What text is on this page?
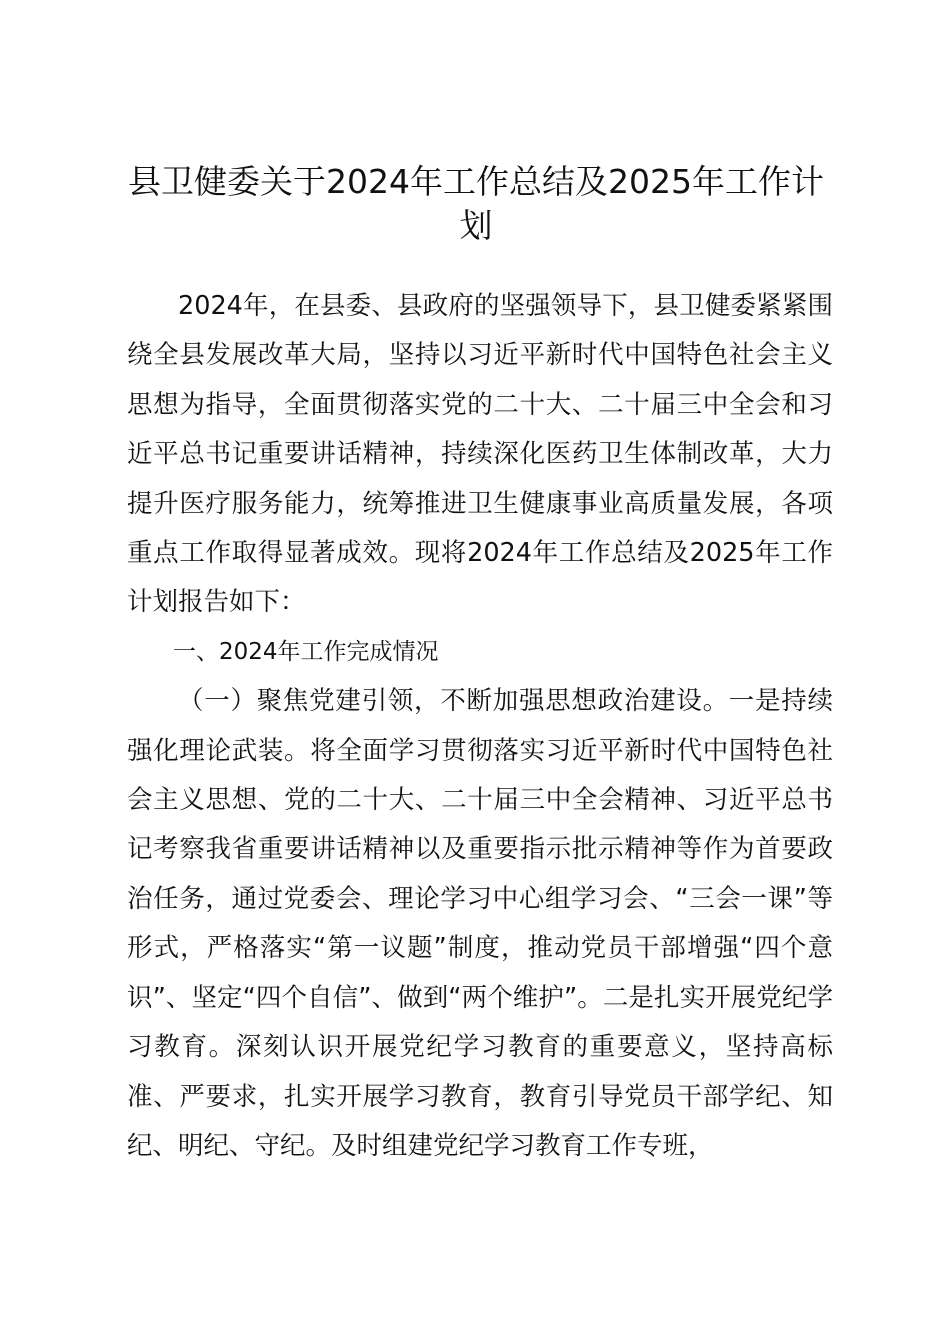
县卫健委关于2024年工作总结及2025年工作计划

2024年，在县委、县政府的坚强领导下，县卫健委紧紧围绕全县发展改革大局，坚持以习近平新时代中国特色社会主义思想为指导，全面贯彻落实党的二十大、二十届三中全会和习近平总书记重要讲话精神，持续深化医药卫生体制改革，大力提升医疗服务能力，统筹推进卫生健康事业高质量发展，各项重点工作取得显著成效。现将2024年工作总结及2025年工作计划报告如下：

一、2024年工作完成情况

（一）聚焦党建引领，不断加强思想政治建设。一是持续强化理论武装。将全面学习贯彻落实习近平新时代中国特色社会主义思想、党的二十大、二十届三中全会精神、习近平总书记考察我省重要讲话精神以及重要指示批示精神等作为首要政治任务，通过党委会、理论学习中心组学习会、“三会一课”等形式，严格落实“第一议题”制度，推动党员干部增强“四个意识”、坚定“四个自信”、做到“两个维护”。二是扎实开展党纪学习教育。深刻认识开展党纪学习教育的重要意义，坚持高标准、严要求，扎实开展学习教育，教育引导党员干部学纪、知纪、明纪、守纪。及时组建党纪学习教育工作专班，
